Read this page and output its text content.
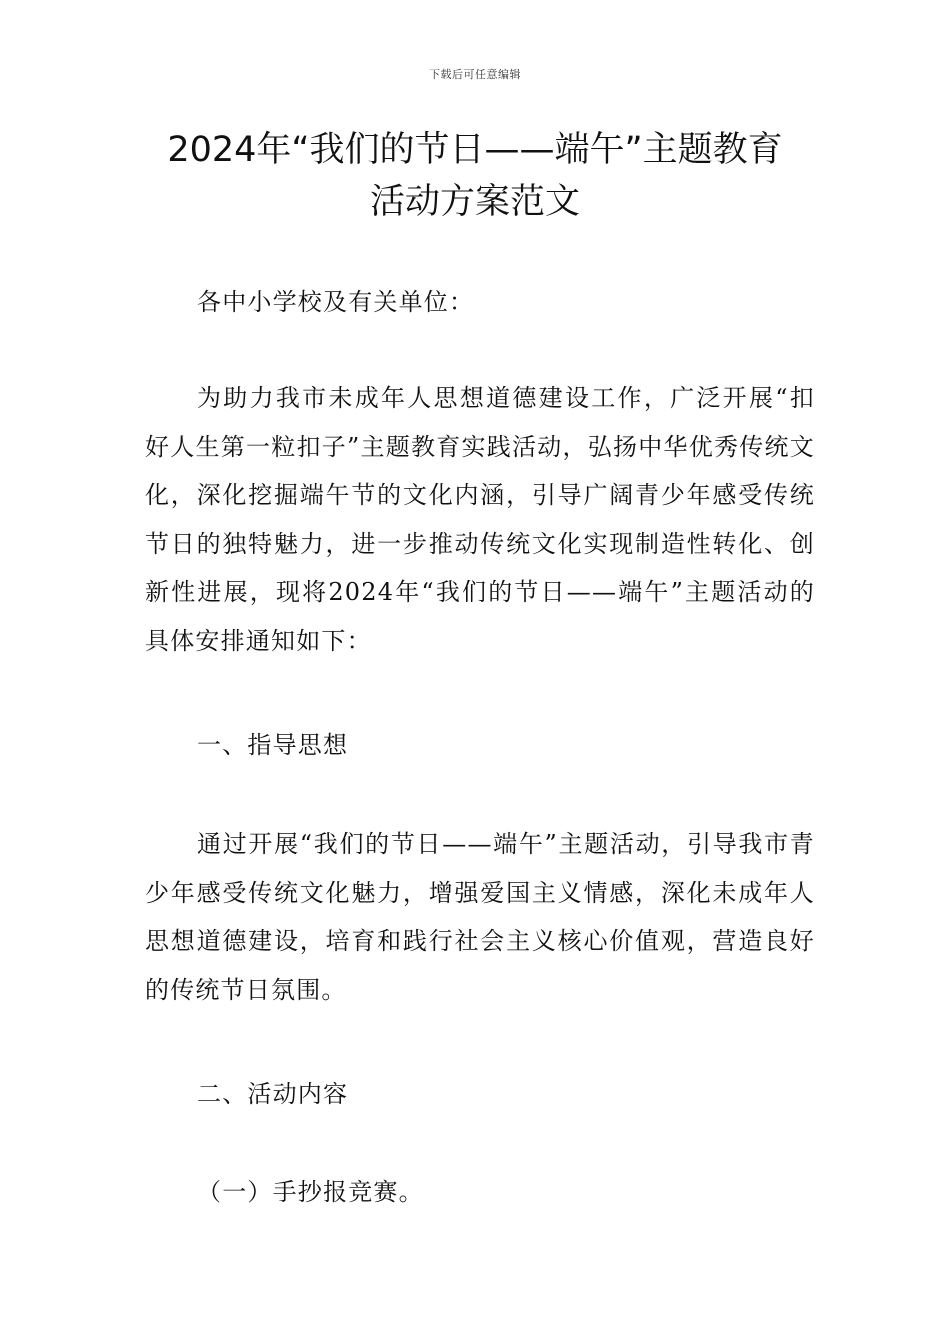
下载后可任意编辑
2024年“我们的节日——端午”主题教育
活动方案范文

各中小学校及有关单位：

为助力我市未成年人思想道德建设工作，广泛开展“扣好人生第一粒扣子”主题教育实践活动，弘扬中华优秀传统文化，深化挖掘端午节的文化内涵，引导广阔青少年感受传统节日的独特魅力，进一步推动传统文化实现制造性转化、创新性进展，现将2024年“我们的节日——端午”主题活动的具体安排通知如下：

一、指导思想

通过开展“我们的节日——端午”主题活动，引导我市青少年感受传统文化魅力，增强爱国主义情感，深化未成年人思想道德建设，培育和践行社会主义核心价值观，营造良好的传统节日氛围。

二、活动内容

（一）手抄报竞赛。
